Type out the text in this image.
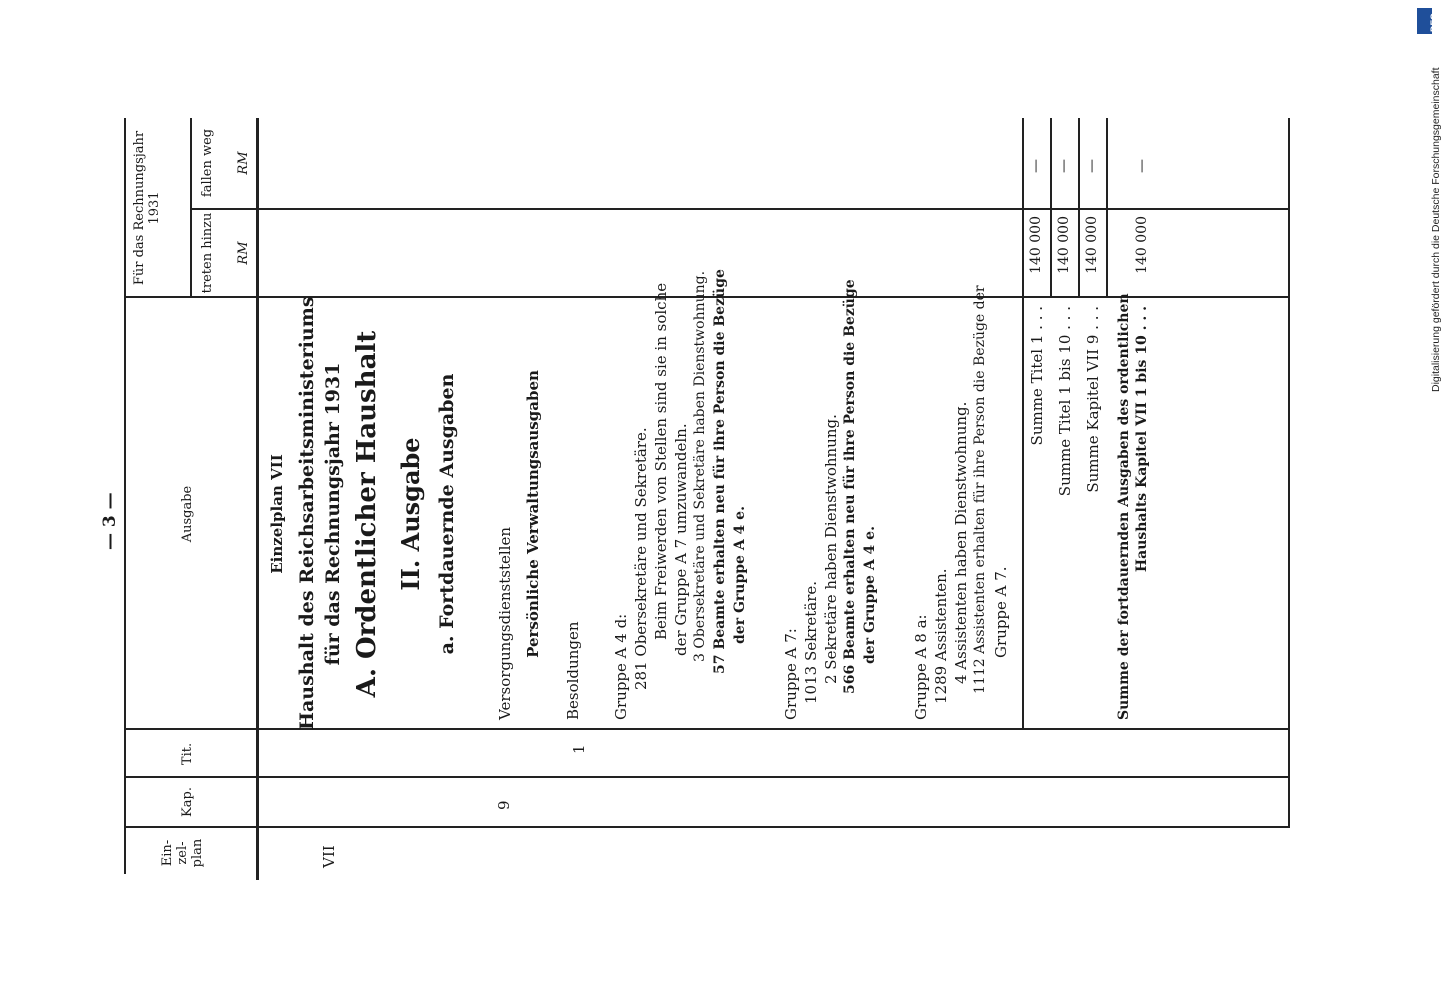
— 3 —
Ein-zel-plan
Kap.
Tit.
Ausgabe
Für das Rechnungsjahr 1931
treten hinzu
fallen weg
RM
RM
VII
9
1
Einzelplan VII Haushalt des Reichsarbeitsministeriums für das Rechnungsjahr 1931 A. Ordentlicher Haushalt II. Ausgabe a. Fortdauernde Ausgaben	Versorgungsdienststellen Persönliche Verwaltungsausgaben
Besoldungen Gruppe A 4 d: 281 Obersekretäre und Sekretäre. Beim Freiwerden von Stellen sind sie in solche der Gruppe A 7 umzuwandeln. 3 Obersekretäre und Sekretäre haben Dienstwohnung. 57 Beamte erhalten neu für ihre Person die Bezüge der Gruppe A 4 e.
Gruppe A 7: 1013 Sekretäre. 2 Sekretäre haben Dienstwohnung. 566 Beamte erhalten neu für ihre Person die Bezüge der Gruppe A 4 e.
Gruppe A 8 a: 1289 Assistenten. 4 Assistenten haben Dienstwohnung. 1112 Assistenten erhalten für ihre Person die Bezüge der Gruppe A 7.
Summe Titel 1 . . . Summe Titel 1 bis 10 . . . Summe Kapitel VII 9 . . . Summe der fortdauernden Ausgaben des ordentlichen Haushalts Kapitel VII 1 bis 10 . . .
140 000
—
140 000
—
140 000
—
140 000
—
DFG
Digitalisierung gefördert durch die Deutsche Forschungsgemeinschaft
